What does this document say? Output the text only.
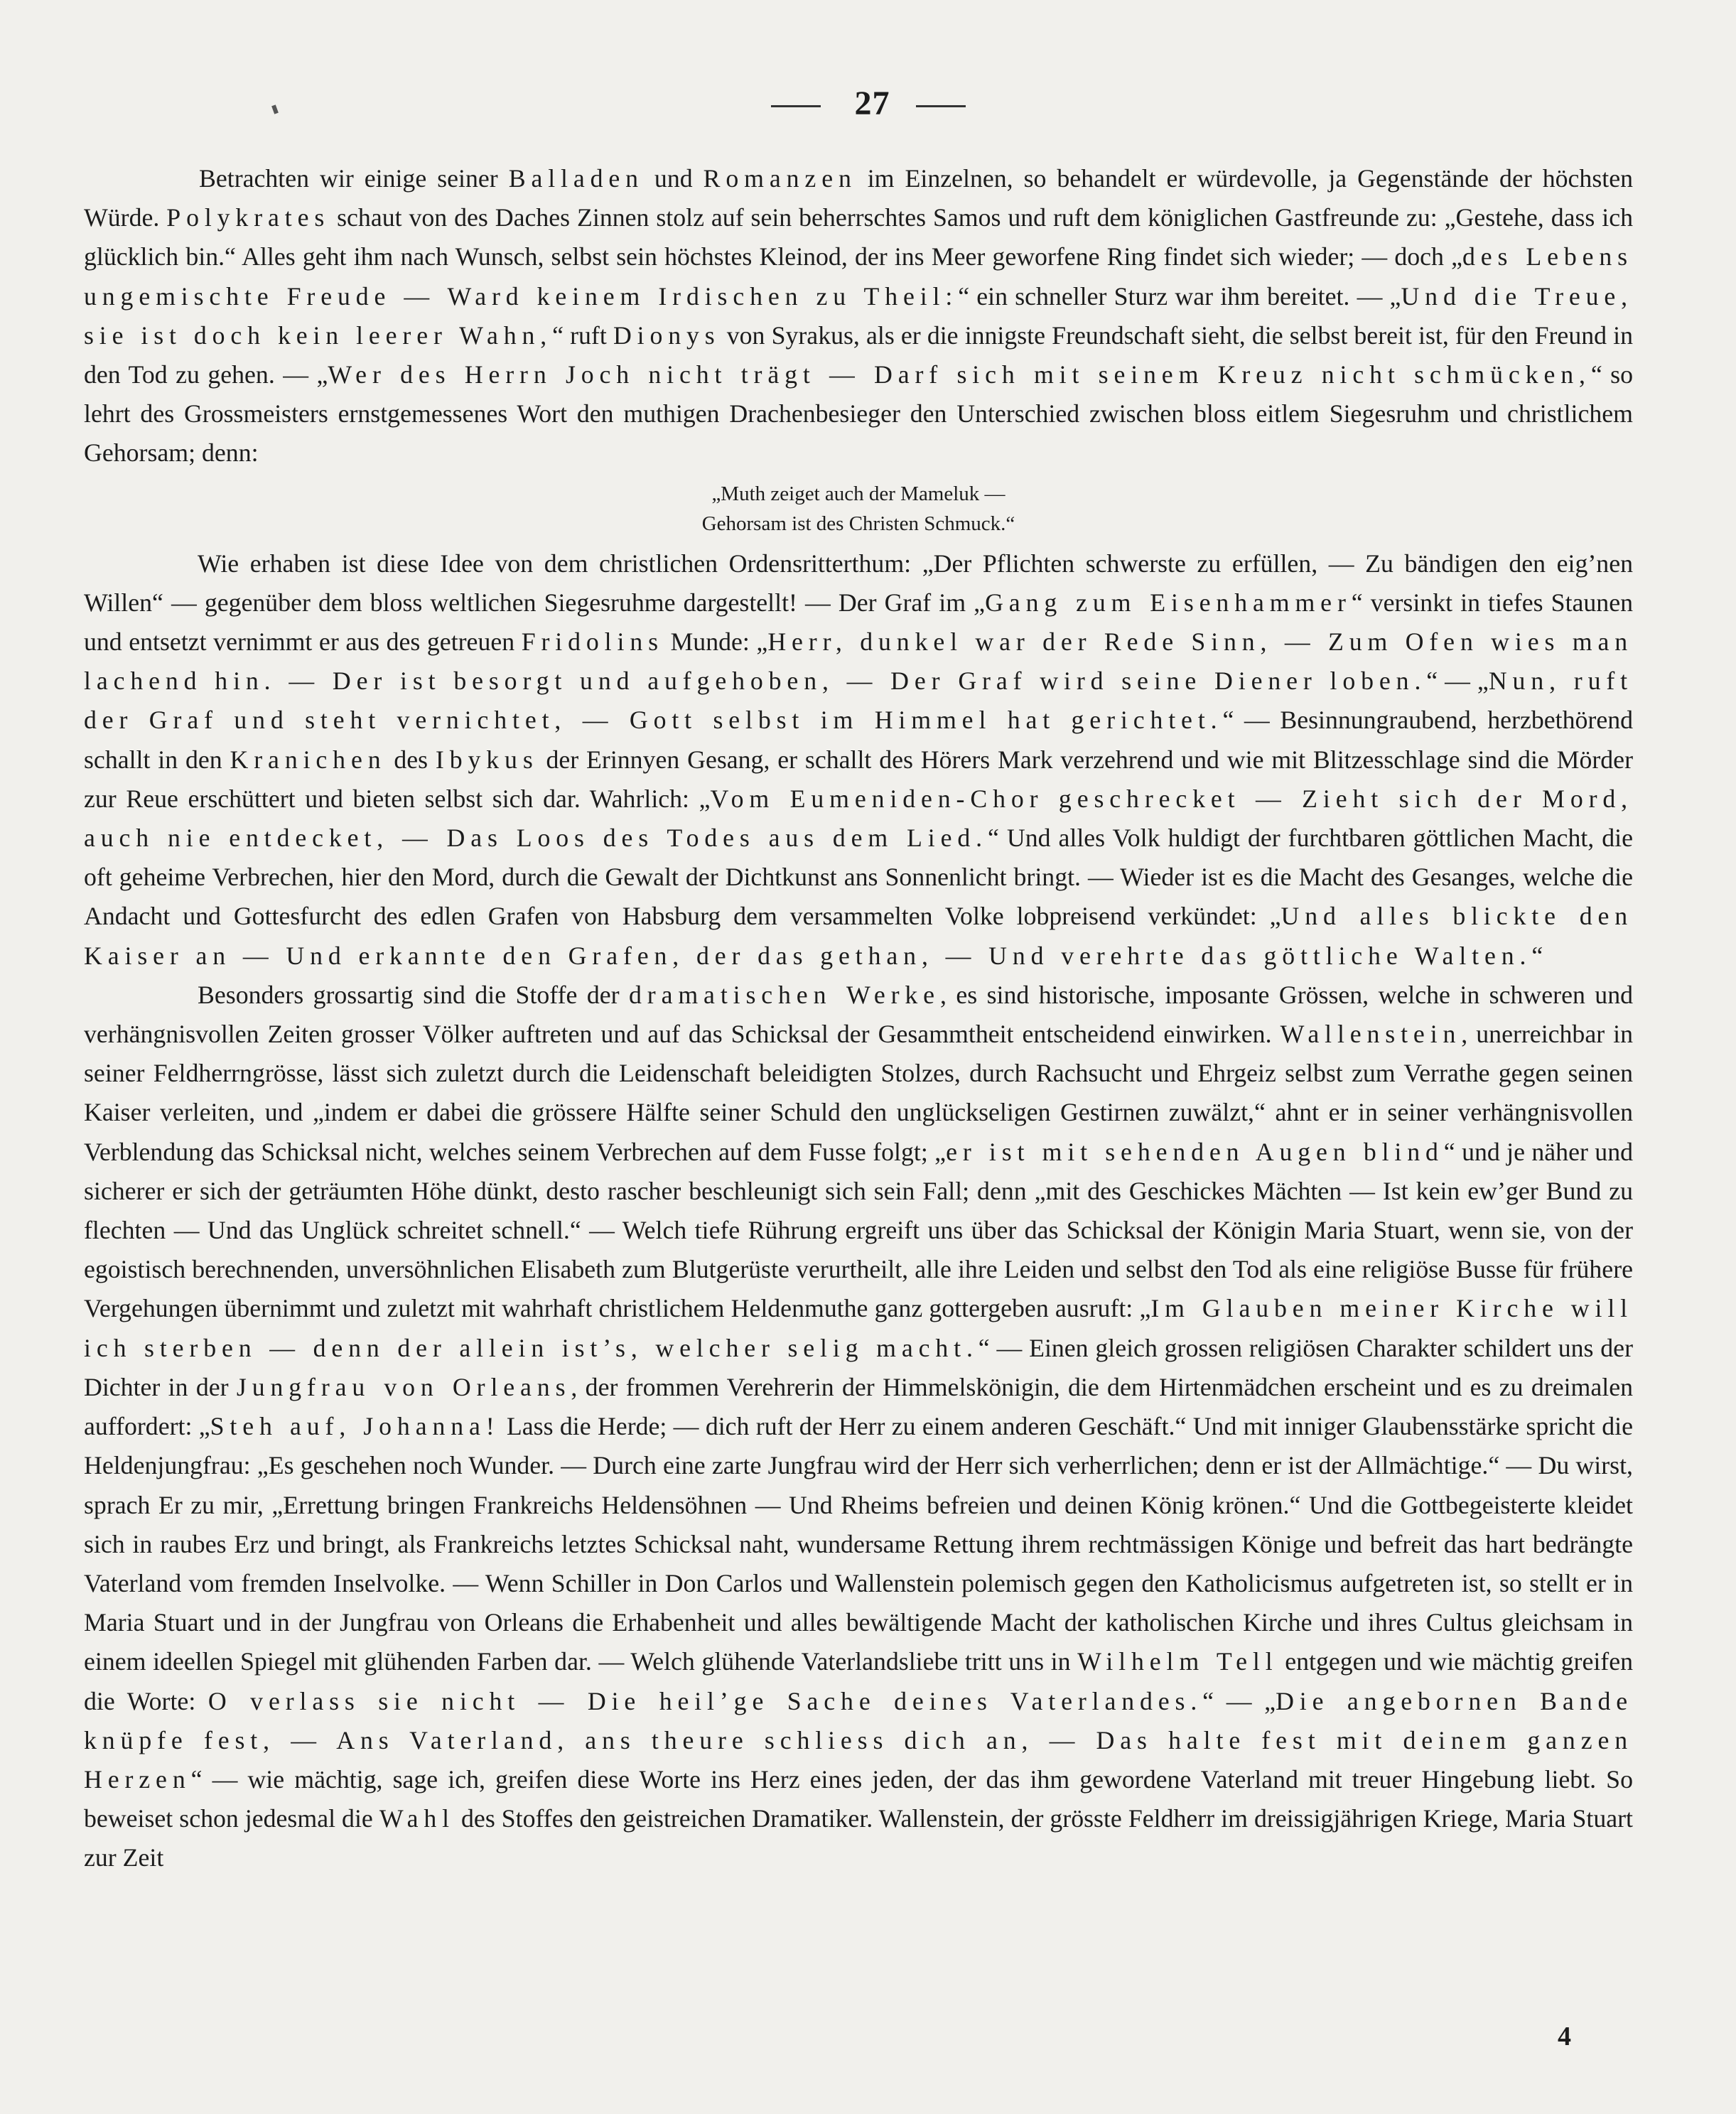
27

Betrachten wir einige seiner Balladen und Romanzen im Einzelnen, so behandelt er würdevolle, ja Gegenstände der höchsten Würde. Polykrates schaut von des Daches Zinnen stolz auf sein beherrschtes Samos und ruft dem königlichen Gastfreunde zu: „Gestehe, dass ich glücklich bin.“ Alles geht ihm nach Wunsch, selbst sein höchstes Kleinod, der ins Meer geworfene Ring findet sich wieder; — doch „des Lebens ungemischte Freude — Ward keinem Irdischen zu Theil:“ ein schneller Sturz war ihm bereitet. — „Und die Treue, sie ist doch kein leerer Wahn,“ ruft Dionys von Syrakus, als er die innigste Freundschaft sieht, die selbst bereit ist, für den Freund in den Tod zu gehen. — „Wer des Herrn Joch nicht trägt — Darf sich mit seinem Kreuz nicht schmücken,“ so lehrt des Grossmeisters ernstgemessenes Wort den muthigen Drachenbesieger den Unterschied zwischen bloss eitlem Siegesruhm und christlichem Gehorsam; denn:

„Muth zeiget auch der Mameluk —
Gehorsam ist des Christen Schmuck.“

Wie erhaben ist diese Idee von dem christlichen Ordensritterthum: „Der Pflichten schwerste zu erfüllen, — Zu bändigen den eig’nen Willen“ — gegenüber dem bloss weltlichen Siegesruhme dargestellt! — Der Graf im „Gang zum Eisenhammer“ versinkt in tiefes Staunen und entsetzt vernimmt er aus des getreuen Fridolins Munde: „Herr, dunkel war der Rede Sinn, — Zum Ofen wies man lachend hin. — Der ist besorgt und aufgehoben, — Der Graf wird seine Diener loben.“ — „Nun, ruft der Graf und steht vernichtet, — Gott selbst im Himmel hat gerichtet.“ — Besinnungraubend, herzbethörend schallt in den Kranichen des Ibykus der Erinnyen Gesang, er schallt des Hörers Mark verzehrend und wie mit Blitzesschlage sind die Mörder zur Reue erschüttert und bieten selbst sich dar. Wahrlich: „Vom Eumeniden-Chor geschrecket — Zieht sich der Mord, auch nie entdecket, — Das Loos des Todes aus dem Lied.“ Und alles Volk huldigt der furchtbaren göttlichen Macht, die oft geheime Verbrechen, hier den Mord, durch die Gewalt der Dichtkunst ans Sonnenlicht bringt. — Wieder ist es die Macht des Gesanges, welche die Andacht und Gottesfurcht des edlen Grafen von Habsburg dem versammelten Volke lobpreisend verkündet: „Und alles blickte den Kaiser an — Und erkannte den Grafen, der das gethan, — Und verehrte das göttliche Walten.“

Besonders grossartig sind die Stoffe der dramatischen Werke, es sind historische, imposante Grössen, welche in schweren und verhängnisvollen Zeiten grosser Völker auftreten und auf das Schicksal der Gesammtheit entscheidend einwirken. Wallenstein, unerreichbar in seiner Feldherrngrösse, lässt sich zuletzt durch die Leidenschaft beleidigten Stolzes, durch Rachsucht und Ehrgeiz selbst zum Verrathe gegen seinen Kaiser verleiten, und „indem er dabei die grössere Hälfte seiner Schuld den unglückseligen Gestirnen zuwälzt,“ ahnt er in seiner verhängnisvollen Verblendung das Schicksal nicht, welches seinem Verbrechen auf dem Fusse folgt; „er ist mit sehenden Augen blind“ und je näher und sicherer er sich der geträumten Höhe dünkt, desto rascher beschleunigt sich sein Fall; denn „mit des Geschickes Mächten — Ist kein ew’ger Bund zu flechten — Und das Unglück schreitet schnell.“ — Welch tiefe Rührung ergreift uns über das Schicksal der Königin Maria Stuart, wenn sie, von der egoistisch berechnenden, unversöhnlichen Elisabeth zum Blutgerüste verurtheilt, alle ihre Leiden und selbst den Tod als eine religiöse Busse für frühere Vergehungen übernimmt und zuletzt mit wahrhaft christlichem Heldenmuthe ganz gottergeben ausruft: „Im Glauben meiner Kirche will ich sterben — denn der allein ist’s, welcher selig macht.“ — Einen gleich grossen religiösen Charakter schildert uns der Dichter in der Jungfrau von Orleans, der frommen Verehrerin der Himmelskönigin, die dem Hirtenmädchen erscheint und es zu dreimalen auffordert: „Steh auf, Johanna! Lass die Herde; — dich ruft der Herr zu einem anderen Geschäft.“ Und mit inniger Glaubensstärke spricht die Heldenjungfrau: „Es geschehen noch Wunder. — Durch eine zarte Jungfrau wird der Herr sich verherrlichen; denn er ist der Allmächtige.“ — Du wirst, sprach Er zu mir, „Errettung bringen Frankreichs Heldensöhnen — Und Rheims befreien und deinen König krönen.“ Und die Gottbegeisterte kleidet sich in raubes Erz und bringt, als Frankreichs letztes Schicksal naht, wundersame Rettung ihrem rechtmässigen Könige und befreit das hart bedrängte Vaterland vom fremden Inselvolke. — Wenn Schiller in Don Carlos und Wallenstein polemisch gegen den Katholicismus aufgetreten ist, so stellt er in Maria Stuart und in der Jungfrau von Orleans die Erhabenheit und alles bewältigende Macht der katholischen Kirche und ihres Cultus gleichsam in einem ideellen Spiegel mit glühenden Farben dar. — Welch glühende Vaterlandsliebe tritt uns in Wilhelm Tell entgegen und wie mächtig greifen die Worte: O verlass sie nicht — Die heil’ge Sache deines Vaterlandes.“ — „Die angebornen Bande knüpfe fest, — Ans Vaterland, ans theure schliess dich an, — Das halte fest mit deinem ganzen Herzen“ — wie mächtig, sage ich, greifen diese Worte ins Herz eines jeden, der das ihm gewordene Vaterland mit treuer Hingebung liebt. So beweiset schon jedesmal die Wahl des Stoffes den geistreichen Dramatiker. Wallenstein, der grösste Feldherr im dreissigjährigen Kriege, Maria Stuart zur Zeit

4
